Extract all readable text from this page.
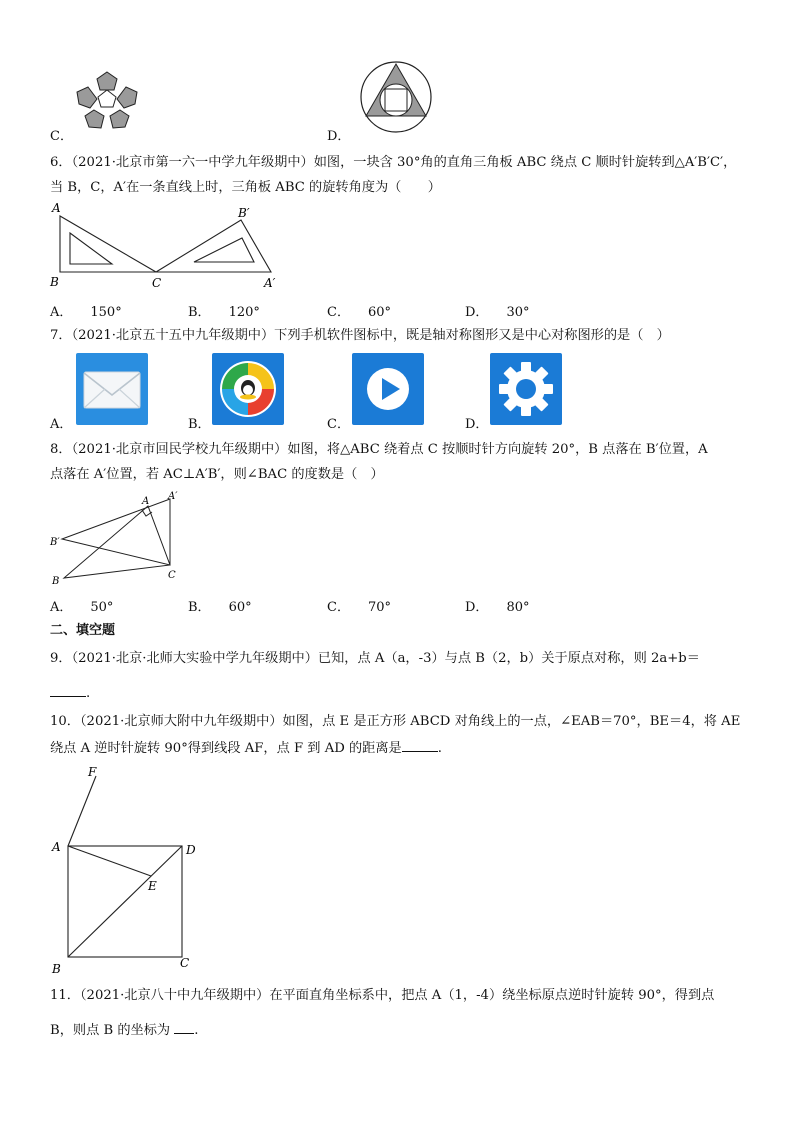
C．	D．
6．（2021·北京市第一六一中学九年级期中）如图，一块含 30°角的直角三角板 ABC 绕点 C 顺时针旋转到△A′B′C′，
当 B，C，A′在一条直线上时，三角板 ABC 的旋转角度为（　　）
A
B	C
B′
A′
A． 150°	B． 120°	C． 60°	D． 30°
7．（2021·北京五十五中九年级期中）下列手机软件图标中，既是轴对称图形又是中心对称图形的是（　）
A．	B．	C．	D．
8．（2021·北京市回民学校九年级期中）如图，将△ABC 绕着点 C 按顺时针方向旋转 20°，B 点落在 B′位置，A
点落在 A′位置，若 AC⊥A′B′，则∠BAC 的度数是（　）
A A′
B′
B
C
A． 50°	B． 60°	C． 70°	D． 80°
二、填空题
9．（2021·北京·北师大实验中学九年级期中）已知，点 A（a，-3）与点 B（2，b）关于原点对称，则 2a+b＝
.
10．（2021·北京师大附中九年级期中）如图，点 E 是正方形 ABCD 对角线上的一点，∠EAB＝70°，BE＝4，将 AE
绕点 A 逆时针旋转 90°得到线段 AF，点 F 到 AD 的距离是	.
F
A	D
E
B	C
11．（2021·北京八十中九年级期中）在平面直角坐标系中，把点 A（1，-4）绕坐标原点逆时针旋转 90°，得到点
B，则点 B 的坐标为 .
